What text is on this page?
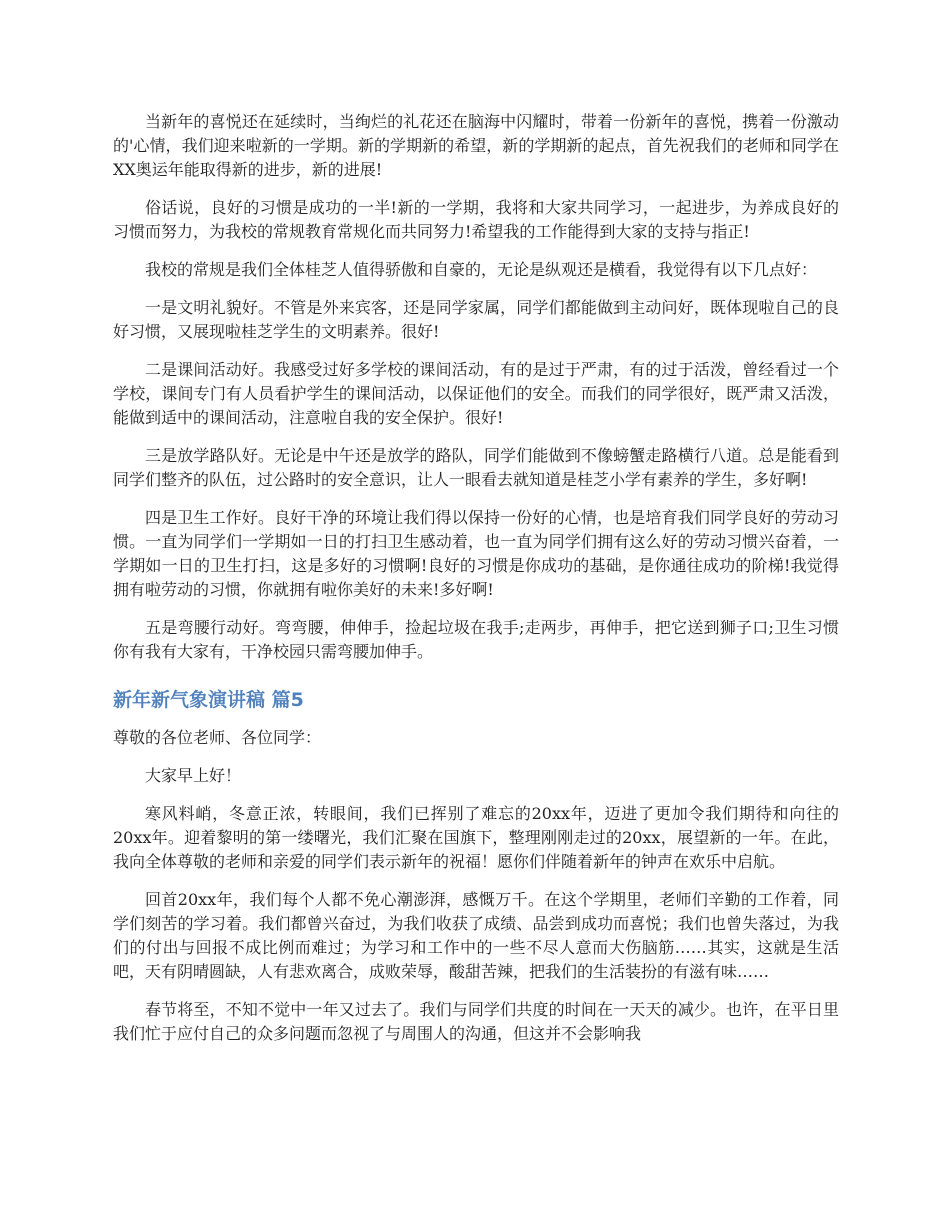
当新年的喜悦还在延续时，当绚烂的礼花还在脑海中闪耀时，带着一份新年的喜悦，携着一份激动的'心情，我们迎来啦新的一学期。新的学期新的希望，新的学期新的起点，首先祝我们的老师和同学在XX奥运年能取得新的进步，新的进展!

俗话说，良好的习惯是成功的一半!新的一学期，我将和大家共同学习，一起进步，为养成良好的习惯而努力，为我校的常规教育常规化而共同努力!希望我的工作能得到大家的支持与指正!

我校的常规是我们全体桂芝人值得骄傲和自豪的，无论是纵观还是横看，我觉得有以下几点好：

一是文明礼貌好。不管是外来宾客，还是同学家属，同学们都能做到主动问好，既体现啦自己的良好习惯，又展现啦桂芝学生的文明素养。很好!

二是课间活动好。我感受过好多学校的课间活动，有的是过于严肃，有的过于活泼，曾经看过一个学校，课间专门有人员看护学生的课间活动，以保证他们的安全。而我们的同学很好，既严肃又活泼，能做到适中的课间活动，注意啦自我的安全保护。很好!

三是放学路队好。无论是中午还是放学的路队，同学们能做到不像螃蟹走路横行八道。总是能看到同学们整齐的队伍，过公路时的安全意识，让人一眼看去就知道是桂芝小学有素养的学生，多好啊!

四是卫生工作好。良好干净的环境让我们得以保持一份好的心情，也是培育我们同学良好的劳动习惯。一直为同学们一学期如一日的打扫卫生感动着，也一直为同学们拥有这么好的劳动习惯兴奋着，一学期如一日的卫生打扫，这是多好的习惯啊!良好的习惯是你成功的基础，是你通往成功的阶梯!我觉得拥有啦劳动的习惯，你就拥有啦你美好的未来!多好啊!

五是弯腰行动好。弯弯腰，伸伸手，捡起垃圾在我手;走两步，再伸手，把它送到狮子口;卫生习惯你有我有大家有，干净校园只需弯腰加伸手。

新年新气象演讲稿 篇5

尊敬的各位老师、各位同学：

大家早上好！

寒风料峭，冬意正浓，转眼间，我们已挥别了难忘的20xx年，迈进了更加令我们期待和向往的20xx年。迎着黎明的第一缕曙光，我们汇聚在国旗下，整理刚刚走过的20xx，展望新的一年。在此，我向全体尊敬的老师和亲爱的同学们表示新年的祝福！愿你们伴随着新年的钟声在欢乐中启航。

回首20xx年，我们每个人都不免心潮澎湃，感慨万千。在这个学期里，老师们辛勤的工作着，同学们刻苦的学习着。我们都曾兴奋过，为我们收获了成绩、品尝到成功而喜悦；我们也曾失落过，为我们的付出与回报不成比例而难过；为学习和工作中的一些不尽人意而大伤脑筋……其实，这就是生活吧，天有阴晴圆缺，人有悲欢离合，成败荣辱，酸甜苦辣，把我们的生活装扮的有滋有味……

春节将至，不知不觉中一年又过去了。我们与同学们共度的时间在一天天的减少。也许，在平日里我们忙于应付自己的众多问题而忽视了与周围人的沟通，但这并不会影响我
